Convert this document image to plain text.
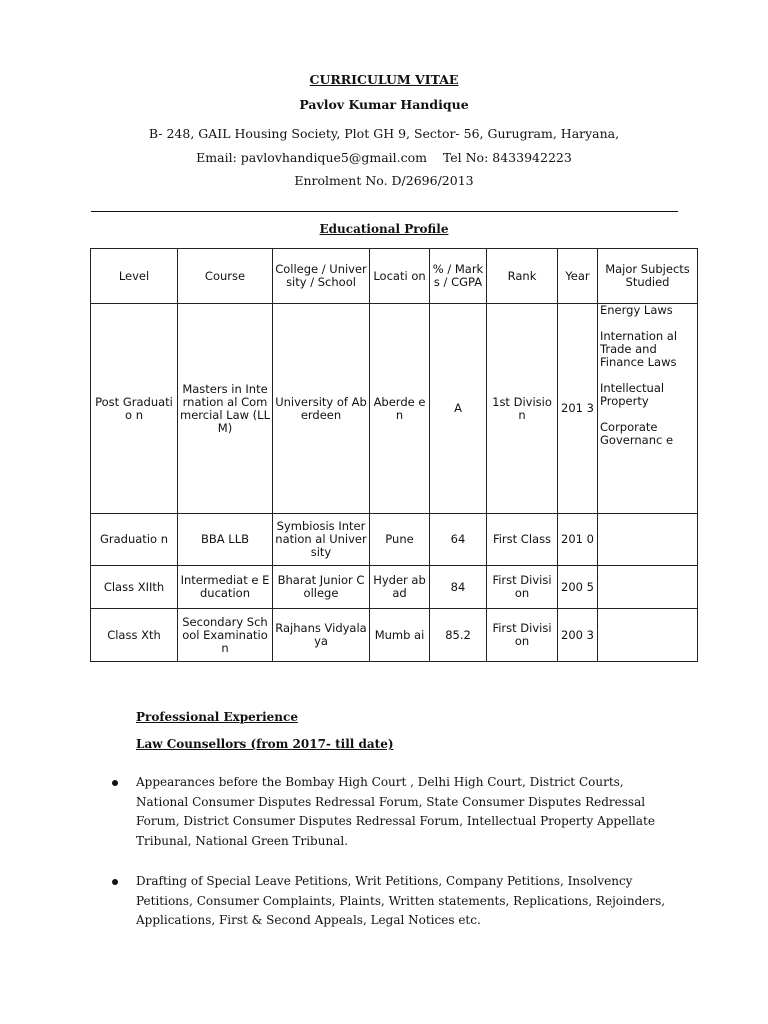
CURRICULUM VITAE
Pavlov Kumar Handique
B- 248, GAIL Housing Society, Plot GH 9, Sector- 56, Gurugram, Haryana,
Email: pavlovhandique5@gmail.com    Tel No: 8433942223
Enrolment No. D/2696/2013
Educational Profile
Level	Course	College / University / School	Locati on	% / Marks / CGPA	Rank	Year	Major Subjects Studied
Post Graduatio n	Masters in Internation al Commercial Law (LLM)	University of Aberdeen	Aberde en	A	1st Division	201 3	Energy Laws

Internation al Trade and Finance Laws

Intellectual Property

Corporate Governanc e

Graduatio n	BBA LLB	Symbiosis Internation al University	Pune	64	First Class	201 0	
Class XIIth	Intermediat e Education	Bharat Junior College	Hyder abad	84	First Division	200 5	
Class Xth	Secondary School Examinatio n	Rajhans Vidyalaya	Mumb ai	85.2	First Division	200 3	
Professional Experience
Law Counsellors (from 2017- till date)
Appearances before the Bombay High Court , Delhi High Court, District Courts, National Consumer Disputes Redressal Forum, State Consumer Disputes Redressal Forum, District Consumer Disputes Redressal Forum, Intellectual Property Appellate Tribunal, National Green Tribunal.
Drafting of Special Leave Petitions, Writ Petitions, Company Petitions, Insolvency Petitions, Consumer Complaints, Plaints, Written statements, Replications, Rejoinders, Applications, First & Second Appeals, Legal Notices etc.
